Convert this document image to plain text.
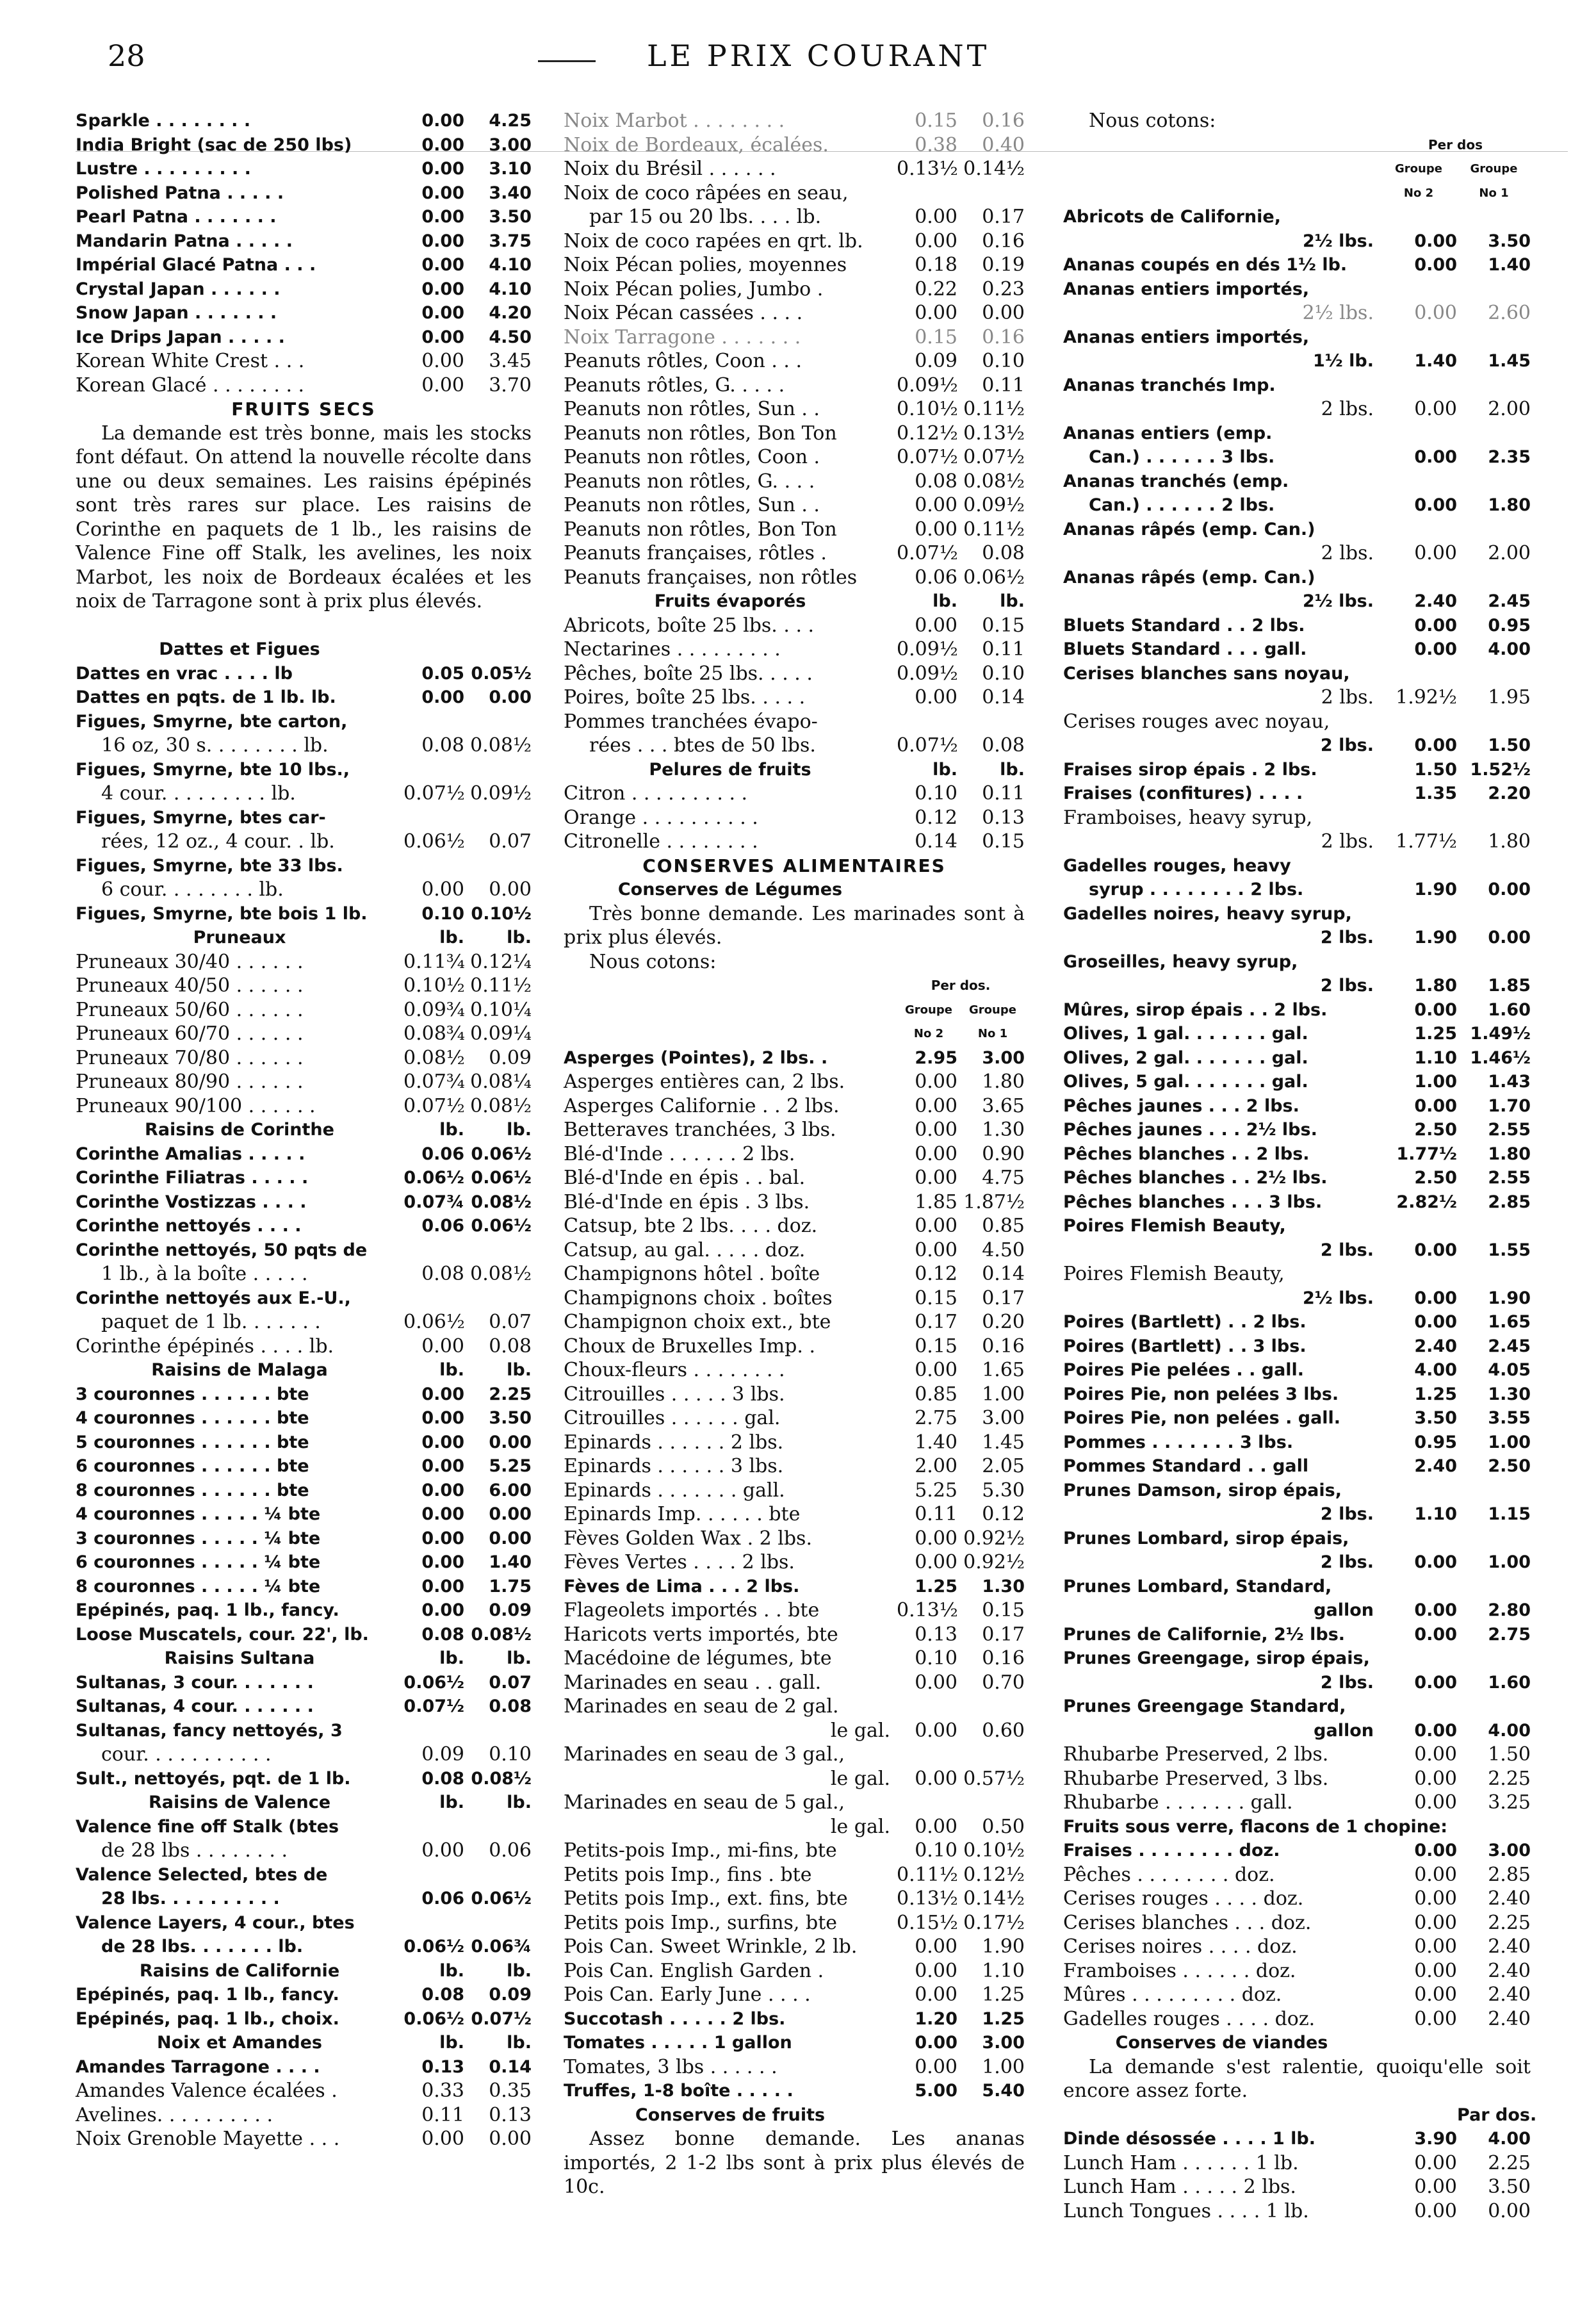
28	LE PRIX COURANT
Sparkle . . . . . . . .	0.00	4.25
India Bright (sac de 250 lbs)	0.00	3.00
Lustre . . . . . . . . .	0.00	3.10
Polished Patna . . . . .	0.00	3.40
Pearl Patna . . . . . . .	0.00	3.50
Mandarin Patna . . . . .	0.00	3.75
Impérial Glacé Patna . . .	0.00	4.10
Crystal Japan . . . . . .	0.00	4.10
Snow Japan . . . . . . .	0.00	4.20
Ice Drips Japan . . . . .	0.00	4.50
Korean White Crest . . .	0.00	3.45
Korean Glacé . . . . . . . .	0.00	3.70
FRUITS SECS
La demande est très bonne, mais les stocks font défaut. On attend la nouvelle récolte dans une ou deux semaines. Les raisins épépinés sont très rares sur place. Les raisins de Corinthe en paquets de 1 lb., les raisins de Valence Fine off Stalk, les avelines, les noix Marbot, les noix de Bordeaux écalées et les noix de Tarragone sont à prix plus élevés.
Dattes et Figues
Dattes en vrac . . . . lb	0.05 0.05½
Dattes en pqts. de 1 lb. lb.	0.00	0.00
Figues, Smyrne, bte carton,
16 oz, 30 s. . . . . . . . lb.	0.08 0.08½
Figues, Smyrne, bte 10 lbs.,
4 cour. . . . . . . . . lb.	0.07½ 0.09½
Figues, Smyrne, btes car-
rées, 12 oz., 4 cour. . lb.	0.06½	0.07
Figues, Smyrne, bte 33 lbs.
6 cour. . . . . . . . lb.	0.00	0.00
Figues, Smyrne, bte bois 1 lb.	0.10 0.10½
Pruneaux	lb.	lb.
Pruneaux 30/40 . . . . . .	0.11¾ 0.12¼
Pruneaux 40/50 . . . . . .	0.10½ 0.11½
Pruneaux 50/60 . . . . . .	0.09¾ 0.10¼
Pruneaux 60/70 . . . . . .	0.08¾ 0.09¼
Pruneaux 70/80 . . . . . .	0.08½	0.09
Pruneaux 80/90 . . . . . .	0.07¾ 0.08¼
Pruneaux 90/100 . . . . . .	0.07½ 0.08½
Raisins de Corinthe	lb.	lb.
Corinthe Amalias . . . . .	0.06 0.06½
Corinthe Filiatras . . . . .	0.06½ 0.06½
Corinthe Vostizzas . . . .	0.07¾ 0.08½
Corinthe nettoyés . . . .	0.06 0.06½
Corinthe nettoyés, 50 pqts de
1 lb., à la boîte . . . . .	0.08 0.08½
Corinthe nettoyés aux E.-U.,
paquet de 1 lb. . . . . . .	0.06½	0.07
Corinthe épépinés . . . . lb.	0.00	0.08
Raisins de Malaga	lb.	lb.
3 couronnes . . . . . . bte	0.00	2.25
4 couronnes . . . . . . bte	0.00	3.50
5 couronnes . . . . . . bte	0.00	0.00
6 couronnes . . . . . . bte	0.00	5.25
8 couronnes . . . . . . bte	0.00	6.00
4 couronnes . . . . . ¼ bte	0.00	0.00
3 couronnes . . . . . ¼ bte	0.00	0.00
6 couronnes . . . . . ¼ bte	0.00	1.40
8 couronnes . . . . . ¼ bte	0.00	1.75
Epépinés, paq. 1 lb., fancy.	0.00	0.09
Loose Muscatels, cour. 22', lb.	0.08 0.08½
Raisins Sultana	lb.	lb.
Sultanas, 3 cour. . . . . . .	0.06½	0.07
Sultanas, 4 cour. . . . . . .	0.07½	0.08
Sultanas, fancy nettoyés, 3
cour. . . . . . . . . . .	0.09	0.10
Sult., nettoyés, pqt. de 1 lb.	0.08 0.08½
Raisins de Valence	lb.	lb.
Valence fine off Stalk (btes
de 28 lbs . . . . . . . .	0.00	0.06
Valence Selected, btes de
28 lbs. . . . . . . . . .	0.06 0.06½
Valence Layers, 4 cour., btes
de 28 lbs. . . . . . . lb.	0.06½ 0.06¾
Raisins de Californie	lb.	lb.
Epépinés, paq. 1 lb., fancy.	0.08	0.09
Epépinés, paq. 1 lb., choix.	0.06½ 0.07½
Noix et Amandes	lb.	lb.
Amandes Tarragone . . . .	0.13	0.14
Amandes Valence écalées .	0.33	0.35
Avelines. . . . . . . . . .	0.11	0.13
Noix Grenoble Mayette . . .	0.00	0.00
Noix Marbot . . . . . . . .	0.15	0.16
Noix de Bordeaux, écalées.	0.38	0.40
Noix du Brésil . . . . . .	0.13½ 0.14½
Noix de coco râpées en seau,
par 15 ou 20 lbs. . . . lb.	0.00	0.17
Noix de coco rapées en qrt. lb.	0.00	0.16
Noix Pécan polies, moyennes	0.18	0.19
Noix Pécan polies, Jumbo .	0.22	0.23
Noix Pécan cassées . . . .	0.00	0.00
Noix Tarragone . . . . . . .	0.15	0.16
Peanuts rôtles, Coon . . .	0.09	0.10
Peanuts rôtles, G. . . . .	0.09½	0.11
Peanuts non rôtles, Sun . .	0.10½ 0.11½
Peanuts non rôtles, Bon Ton	0.12½ 0.13½
Peanuts non rôtles, Coon .	0.07½ 0.07½
Peanuts non rôtles, G. . . .	0.08 0.08½
Peanuts non rôtles, Sun . .	0.00 0.09½
Peanuts non rôtles, Bon Ton	0.00 0.11½
Peanuts françaises, rôtles .	0.07½	0.08
Peanuts françaises, non rôtles	0.06 0.06½
Fruits évaporés	lb.	lb.
Abricots, boîte 25 lbs. . . .	0.00	0.15
Nectarines . . . . . . . . .	0.09½	0.11
Pêches, boîte 25 lbs. . . . .	0.09½	0.10
Poires, boîte 25 lbs. . . . .	0.00	0.14
Pommes tranchées évapo-
rées . . . btes de 50 lbs.	0.07½	0.08
Pelures de fruits	lb.	lb.
Citron . . . . . . . . . .	0.10	0.11
Orange . . . . . . . . . .	0.12	0.13
Citronelle . . . . . . . .	0.14	0.15
CONSERVES ALIMENTAIRES
Conserves de Légumes
Très bonne demande. Les marinades sont à prix plus élevés.
Nous cotons:
Per dos.
Groupe	Groupe
No 2	No 1
Asperges (Pointes), 2 lbs. .	2.95	3.00
Asperges entières can, 2 lbs.	0.00	1.80
Asperges Californie . . 2 lbs.	0.00	3.65
Betteraves tranchées, 3 lbs.	0.00	1.30
Blé-d'Inde . . . . . . 2 lbs.	0.00	0.90
Blé-d'Inde en épis . . bal.	0.00	4.75
Blé-d'Inde en épis . 3 lbs.	1.85 1.87½
Catsup, bte 2 lbs. . . . doz.	0.00	0.85
Catsup, au gal. . . . . doz.	0.00	4.50
Champignons hôtel . boîte	0.12	0.14
Champignons choix . boîtes	0.15	0.17
Champignon choix ext., bte	0.17	0.20
Choux de Bruxelles Imp. .	0.15	0.16
Choux-fleurs . . . . . . . .	0.00	1.65
Citrouilles . . . . . 3 lbs.	0.85	1.00
Citrouilles . . . . . . gal.	2.75	3.00
Epinards . . . . . . 2 lbs.	1.40	1.45
Epinards . . . . . . 3 lbs.	2.00	2.05
Epinards . . . . . . . gall.	5.25	5.30
Epinards Imp. . . . . . bte	0.11	0.12
Fèves Golden Wax . 2 lbs.	0.00 0.92½
Fèves Vertes . . . . 2 lbs.	0.00 0.92½
Fèves de Lima . . . 2 lbs.	1.25	1.30
Flageolets importés . . bte	0.13½	0.15
Haricots verts importés, bte	0.13	0.17
Macédoine de légumes, bte	0.10	0.16
Marinades en seau . . gall.	0.00	0.70
Marinades en seau de 2 gal.
le gal.	0.00	0.60
Marinades en seau de 3 gal.,
le gal.	0.00 0.57½
Marinades en seau de 5 gal.,
le gal.	0.00	0.50
Petits-pois Imp., mi-fins, bte	0.10 0.10½
Petits pois Imp., fins . bte	0.11½ 0.12½
Petits pois Imp., ext. fins, bte	0.13½ 0.14½
Petits pois Imp., surfins, bte	0.15½ 0.17½
Pois Can. Sweet Wrinkle, 2 lb.	0.00	1.90
Pois Can. English Garden .	0.00	1.10
Pois Can. Early June . . . .	0.00	1.25
Succotash . . . . . 2 lbs.	1.20	1.25
Tomates . . . . . 1 gallon	0.00	3.00
Tomates, 3 lbs . . . . . .	0.00	1.00
Truffes, 1-8 boîte . . . . .	5.00	5.40
Conserves de fruits
Assez bonne demande. Les ananas importés, 2 1-2 lbs sont à prix plus élevés de 10c.
Nous cotons:
Per dos
Groupe	Groupe
No 2	No 1
Abricots de Californie,
2½ lbs.	0.00	3.50
Ananas coupés en dés 1½ lb.	0.00	1.40
Ananas entiers importés,
2½ lbs.	0.00	2.60
Ananas entiers importés,
1½ lb.	1.40	1.45
Ananas tranchés Imp.
2 lbs.	0.00	2.00
Ananas entiers (emp.
Can.) . . . . . . 3 lbs.	0.00	2.35
Ananas tranchés (emp.
Can.) . . . . . . 2 lbs.	0.00	1.80
Ananas râpés (emp. Can.)
2 lbs.	0.00	2.00
Ananas râpés (emp. Can.)
2½ lbs.	2.40	2.45
Bluets Standard . . 2 lbs.	0.00	0.95
Bluets Standard . . . gall.	0.00	4.00
Cerises blanches sans noyau,
2 lbs.	1.92½	1.95
Cerises rouges avec noyau,
2 lbs.	0.00	1.50
Fraises sirop épais . 2 lbs.	1.50 1.52½
Fraises (confitures) . . . .	1.35	2.20
Framboises, heavy syrup,
2 lbs.	1.77½	1.80
Gadelles rouges, heavy
syrup . . . . . . . . 2 lbs.	1.90	0.00
Gadelles noires, heavy syrup,
2 lbs.	1.90	0.00
Groseilles, heavy syrup,
2 lbs.	1.80	1.85
Mûres, sirop épais . . 2 lbs.	0.00	1.60
Olives, 1 gal. . . . . . . gal.	1.25 1.49½
Olives, 2 gal. . . . . . . gal.	1.10 1.46½
Olives, 5 gal. . . . . . . gal.	1.00	1.43
Pêches jaunes . . . 2 lbs.	0.00	1.70
Pêches jaunes . . . 2½ lbs.	2.50	2.55
Pêches blanches . . 2 lbs.	1.77½	1.80
Pêches blanches . . 2½ lbs.	2.50	2.55
Pêches blanches . . . 3 lbs.	2.82½	2.85
Poires Flemish Beauty,
2 lbs.	0.00	1.55
Poires Flemish Beauty,
2½ lbs.	0.00	1.90
Poires (Bartlett) . . 2 lbs.	0.00	1.65
Poires (Bartlett) . . 3 lbs.	2.40	2.45
Poires Pie pelées . . gall.	4.00	4.05
Poires Pie, non pelées 3 lbs.	1.25	1.30
Poires Pie, non pelées . gall.	3.50	3.55
Pommes . . . . . . . 3 lbs.	0.95	1.00
Pommes Standard . . gall	2.40	2.50
Prunes Damson, sirop épais,
2 lbs.	1.10	1.15
Prunes Lombard, sirop épais,
2 lbs.	0.00	1.00
Prunes Lombard, Standard,
gallon	0.00	2.80
Prunes de Californie, 2½ lbs.	0.00	2.75
Prunes Greengage, sirop épais,
2 lbs.	0.00	1.60
Prunes Greengage Standard,
gallon	0.00	4.00
Rhubarbe Preserved, 2 lbs.	0.00	1.50
Rhubarbe Preserved, 3 lbs.	0.00	2.25
Rhubarbe . . . . . . . gall.	0.00	3.25
Fruits sous verre, flacons de 1 chopine:
Fraises . . . . . . . . doz.	0.00	3.00
Pêches . . . . . . . . doz.	0.00	2.85
Cerises rouges . . . . doz.	0.00	2.40
Cerises blanches . . . doz.	0.00	2.25
Cerises noires . . . . doz.	0.00	2.40
Framboises . . . . . . doz.	0.00	2.40
Mûres . . . . . . . . . doz.	0.00	2.40
Gadelles rouges . . . . doz.	0.00	2.40
Conserves de viandes
La demande s'est ralentie, quoiqu'elle soit encore assez forte.
Par dos.
Dinde désossée . . . . 1 lb.	3.90	4.00
Lunch Ham . . . . . . 1 lb.	0.00	2.25
Lunch Ham . . . . . 2 lbs.	0.00	3.50
Lunch Tongues . . . . 1 lb.	0.00	0.00
